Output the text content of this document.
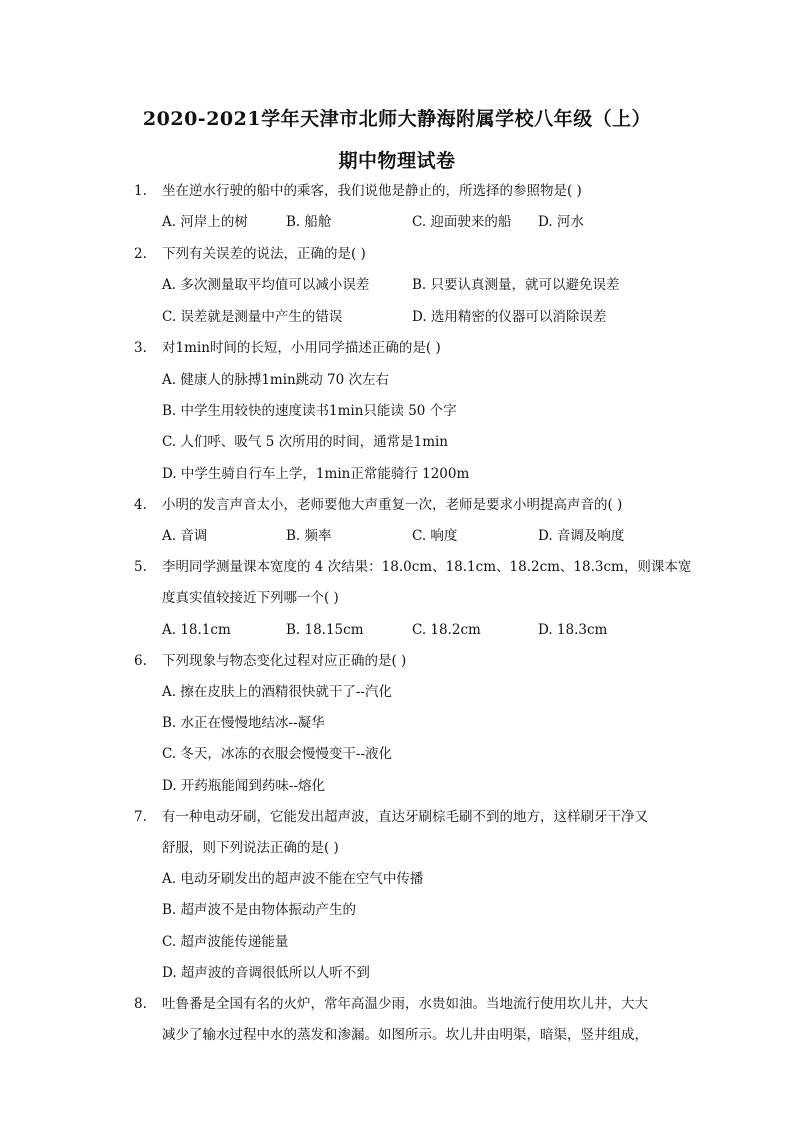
2020-2021学年天津市北师大静海附属学校八年级（上）
期中物理试卷
1. 坐在逆水行驶的船中的乘客，我们说他是静止的，所选择的参照物是( )
A. 河岸上的树	B. 船舱	C. 迎面驶来的船 D. 河水
2. 下列有关误差的说法，正确的是( )
A. 多次测量取平均值可以减小误差	B. 只要认真测量，就可以避免误差
C. 误差就是测量中产生的错误	D. 选用精密的仪器可以消除误差
3. 对1min时间的长短，小用同学描述正确的是( )
A. 健康人的脉搏1min跳动 70 次左右
B. 中学生用较快的速度读书1min只能读 50 个字
C. 人们呼、吸气 5 次所用的时间，通常是1min
D. 中学生骑自行车上学，1min正常能骑行 1200m
4. 小明的发言声音太小，老师要他大声重复一次，老师是要求小明提高声音的( )
A. 音调	B. 频率	C. 响度	D. 音调及响度
5. 李明同学测量课本宽度的 4 次结果：18.0cm、18.1cm、18.2cm、18.3cm，则课本宽
度真实值较接近下列哪一个( )
A. 18.1cm	B. 18.15cm	C. 18.2cm	D. 18.3cm
6. 下列现象与物态变化过程对应正确的是( )
A. 擦在皮肤上的酒精很快就干了--汽化
B. 水正在慢慢地结冰--凝华
C. 冬天，冰冻的衣服会慢慢变干--液化
D. 开药瓶能闻到药味--熔化
7. 有一种电动牙刷，它能发出超声波，直达牙刷棕毛刷不到的地方，这样刷牙干净又
舒服，则下列说法正确的是( )
A. 电动牙刷发出的超声波不能在空气中传播
B. 超声波不是由物体振动产生的
C. 超声波能传递能量
D. 超声波的音调很低所以人听不到
8. 吐鲁番是全国有名的火炉，常年高温少雨，水贵如油。当地流行使用坎儿井，大大
减少了输水过程中水的蒸发和渗漏。如图所示。坎儿井由明渠，暗渠，竖井组成，
